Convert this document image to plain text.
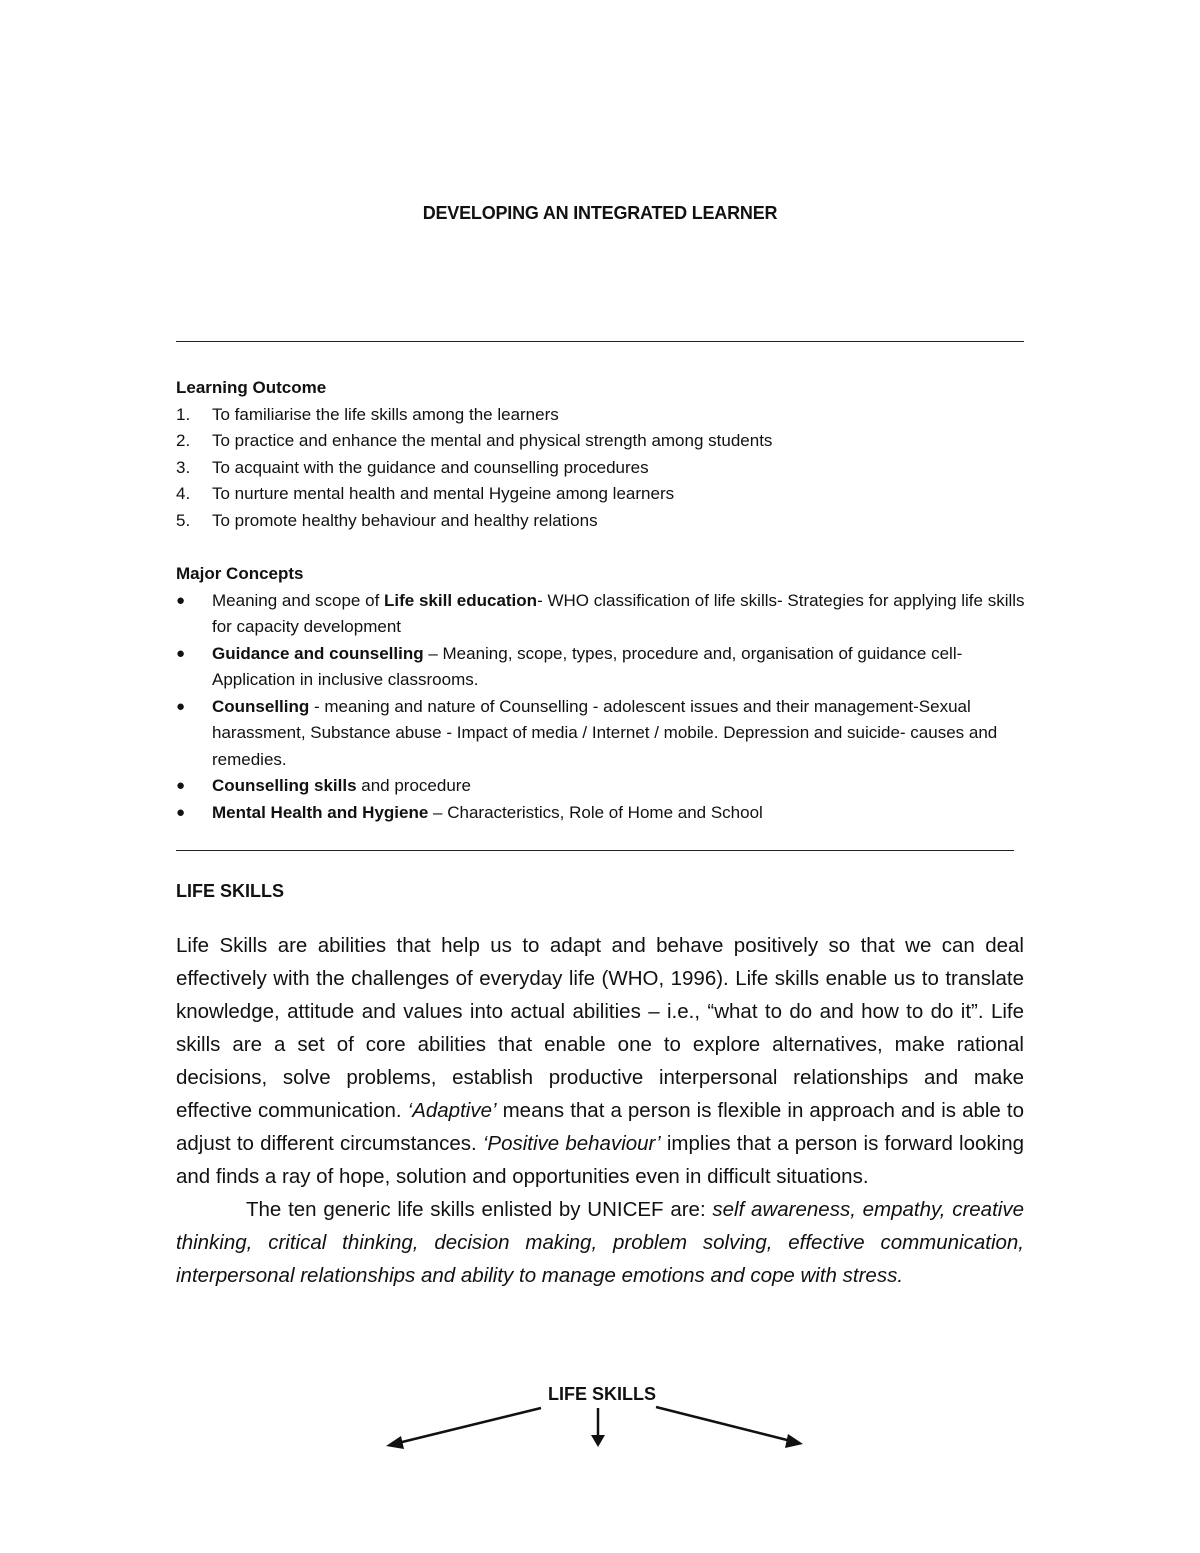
DEVELOPING AN INTEGRATED LEARNER
Learning Outcome
1. To familiarise the life skills among the learners
2. To practice and enhance the mental and physical strength among students
3. To acquaint with the guidance and counselling procedures
4. To nurture mental health and mental Hygeine among learners
5. To promote healthy behaviour and healthy relations
Major Concepts
● Meaning and scope of Life skill education- WHO classification of life skills- Strategies for applying life skills for capacity development
● Guidance and counselling – Meaning, scope, types, procedure and, organisation of guidance cell- Application in inclusive classrooms.
● Counselling - meaning and nature of Counselling - adolescent issues and their management-Sexual harassment, Substance abuse - Impact of media / Internet / mobile. Depression and suicide- causes and remedies.
● Counselling skills and procedure
● Mental Health and Hygiene – Characteristics, Role of Home and School
LIFE SKILLS

Life Skills are abilities that help us to adapt and behave positively so that we can deal effectively with the challenges of everyday life (WHO, 1996). Life skills enable us to translate knowledge, attitude and values into actual abilities – i.e., “what to do and how to do it”. Life skills are a set of core abilities that enable one to explore alternatives, make rational decisions, solve problems, establish productive interpersonal relationships and make effective communication. ‘Adaptive’ means that a person is flexible in approach and is able to adjust to different circumstances. ‘Positive behaviour’ implies that a person is forward looking and finds a ray of hope, solution and opportunities even in difficult situations.

The ten generic life skills enlisted by UNICEF are: self awareness, empathy, creative thinking, critical thinking, decision making, problem solving, effective communication, interpersonal relationships and ability to manage emotions and cope with stress.

LIFE SKILLS
